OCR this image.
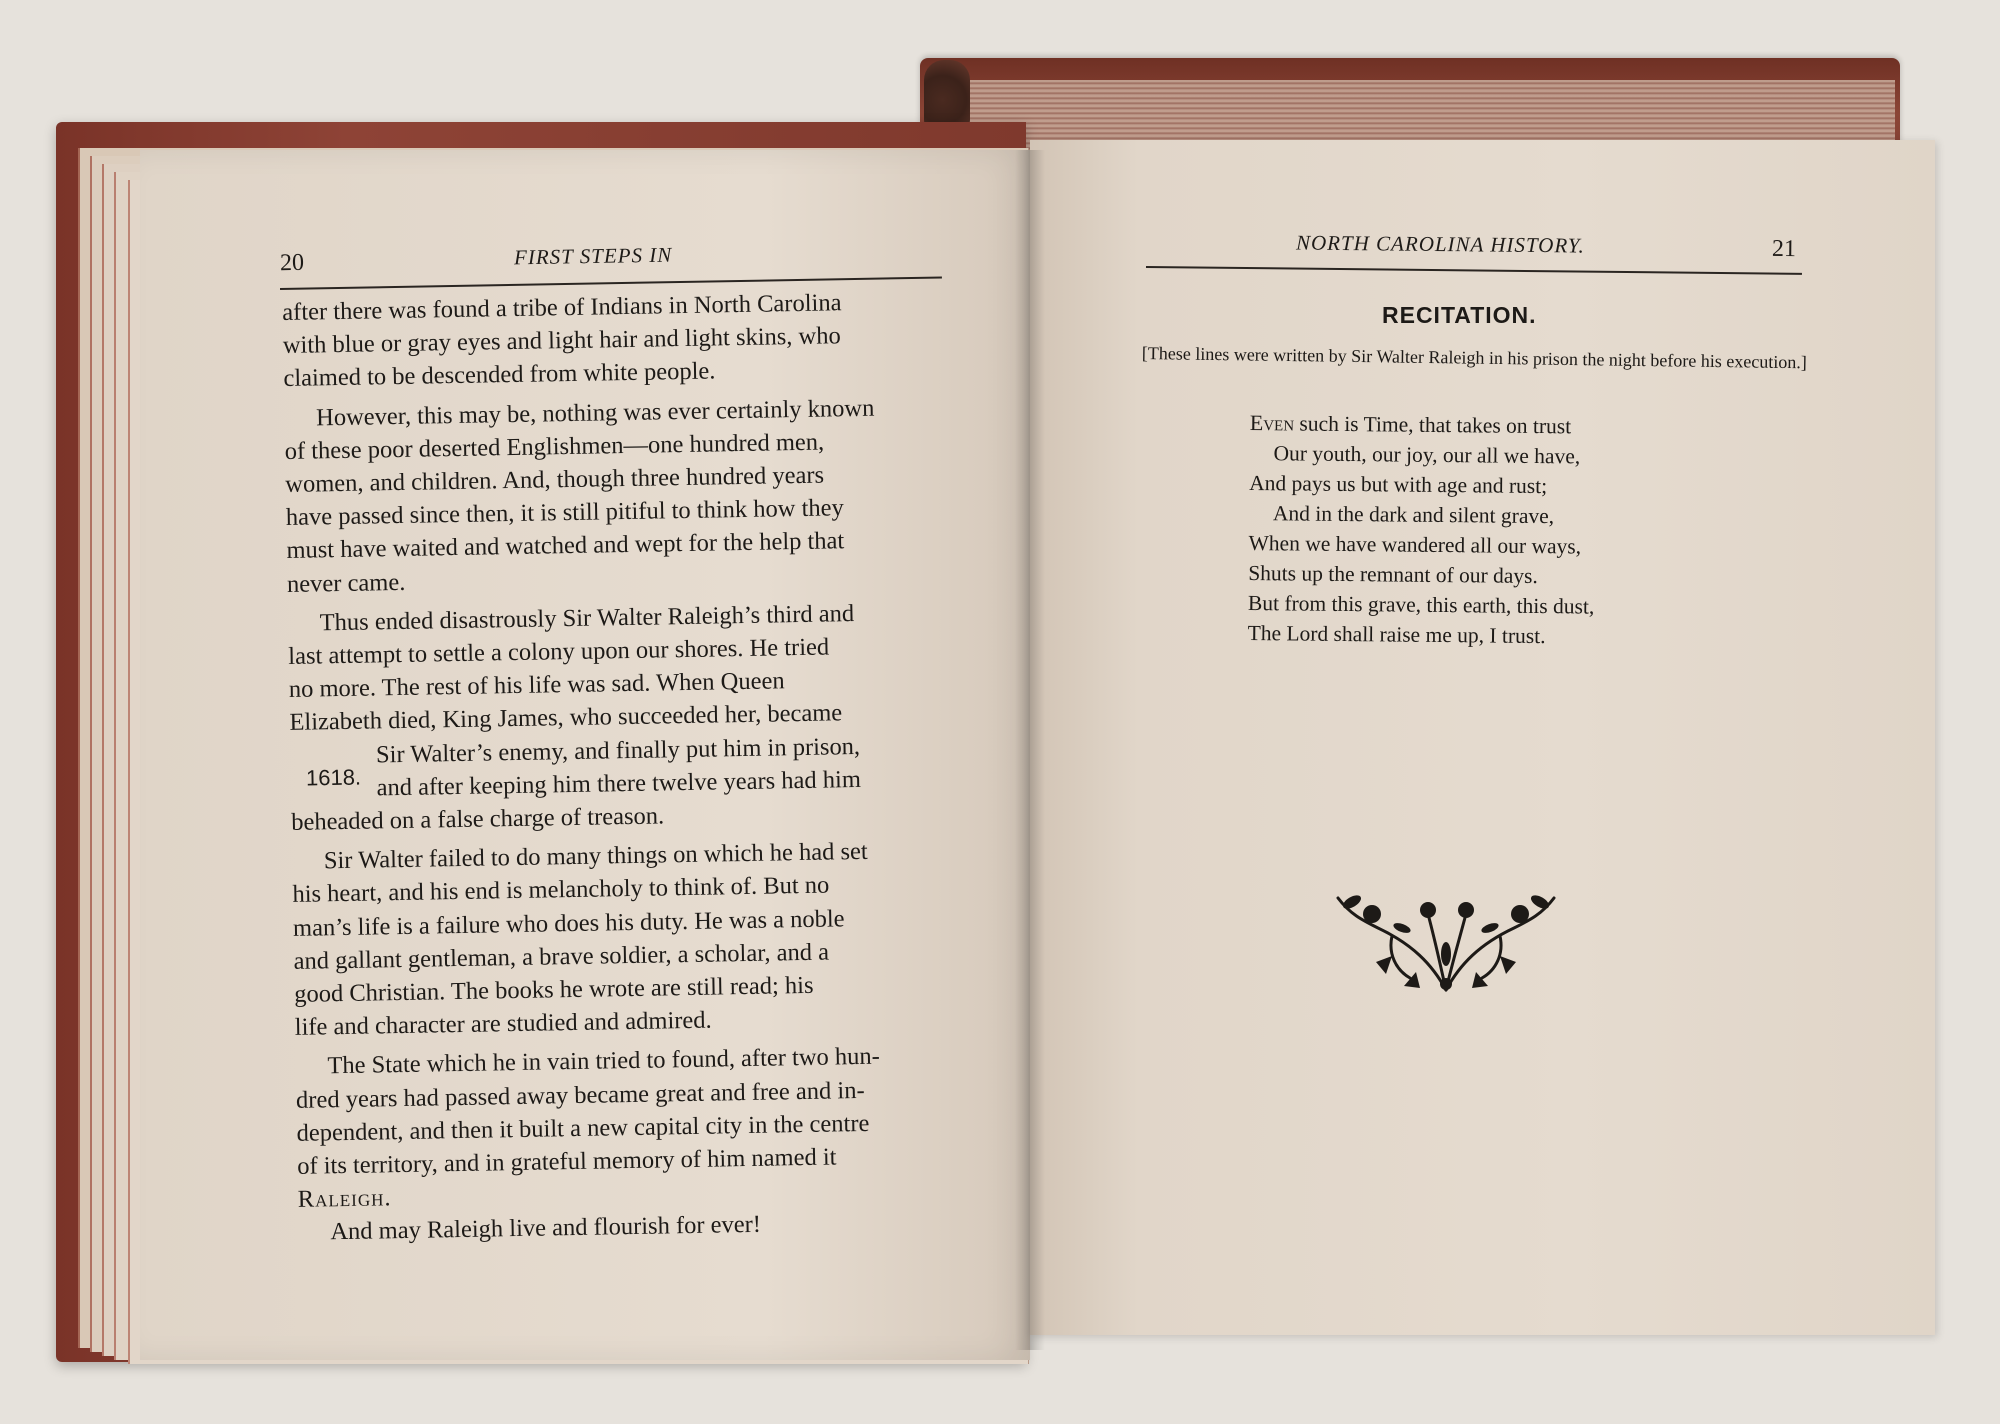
20	FIRST STEPS IN

after there was found a tribe of Indians in North Carolina
with blue or gray eyes and light hair and light skins, who
claimed to be descended from white people.

However, this may be, nothing was ever certainly known
of these poor deserted Englishmen—one hundred men,
women, and children. And, though three hundred years
have passed since then, it is still pitiful to think how they
must have waited and watched and wept for the help that
never came.

Thus ended disastrously Sir Walter Raleigh’s third and
last attempt to settle a colony upon our shores. He tried
no more. The rest of his life was sad. When Queen
Elizabeth died, King James, who succeeded her, became
Sir Walter’s enemy, and finally put him in prison,
and after keeping him there twelve years had him
beheaded on a false charge of treason.

Sir Walter failed to do many things on which he had set
his heart, and his end is melancholy to think of. But no
man’s life is a failure who does his duty. He was a noble
and gallant gentleman, a brave soldier, a scholar, and a
good Christian. The books he wrote are still read; his
life and character are studied and admired.

The State which he in vain tried to found, after two hun-
dred years had passed away became great and free and in-
dependent, and then it built a new capital city in the centre
of its territory, and in grateful memory of him named it
Raleigh.

And may Raleigh live and flourish for ever!

1618.
NORTH CAROLINA HISTORY.	21
RECITATION.
[These lines were written by Sir Walter Raleigh in his prison the night before his execution.]
Even such is Time, that takes on trust
Our youth, our joy, our all we have,
And pays us but with age and rust;
And in the dark and silent grave,
When we have wandered all our ways,
Shuts up the remnant of our days.
But from this grave, this earth, this dust,
The Lord shall raise me up, I trust.
